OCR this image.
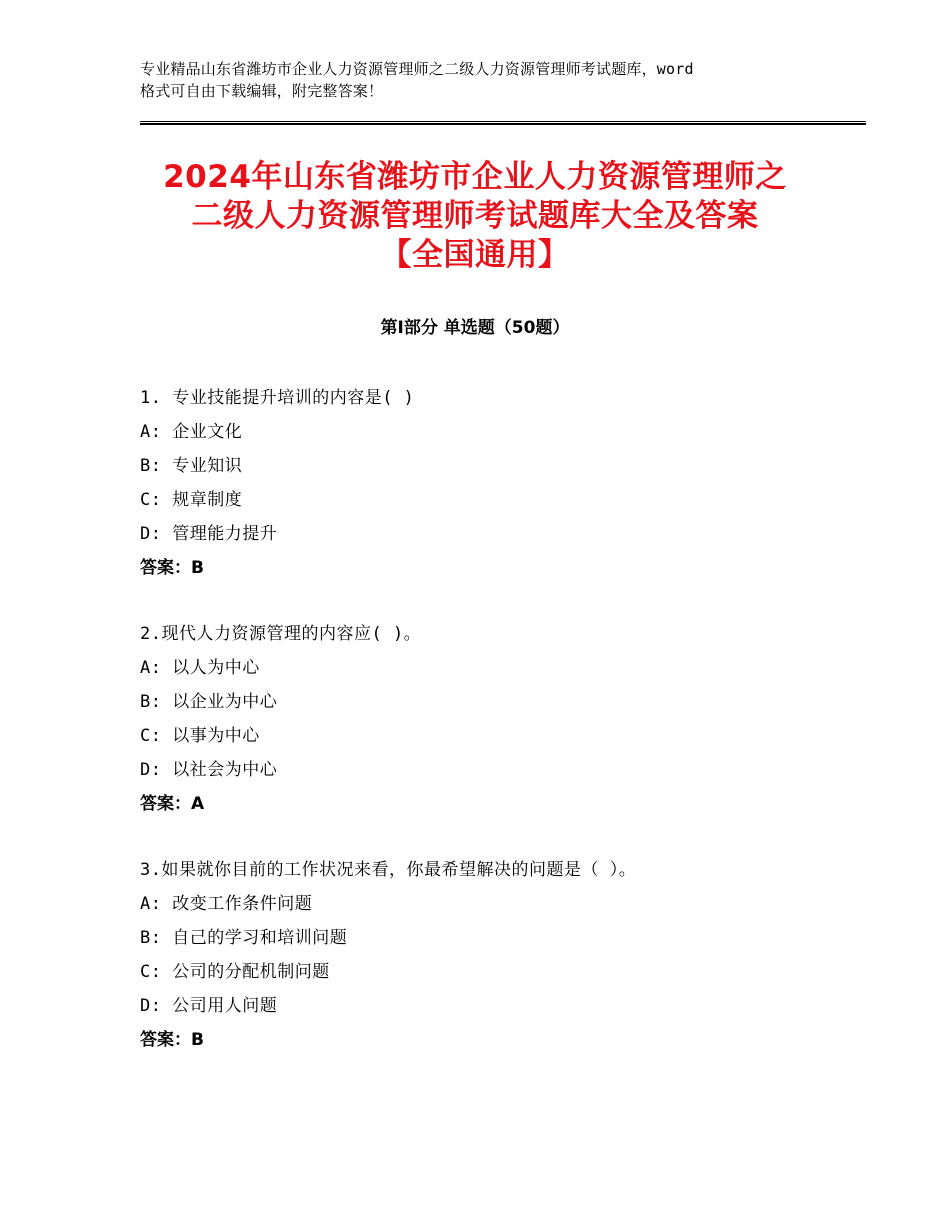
专业精品山东省潍坊市企业人力资源管理师之二级人力资源管理师考试题库，word
格式可自由下载编辑，附完整答案！
2024年山东省潍坊市企业人力资源管理师之
二级人力资源管理师考试题库大全及答案
【全国通用】
第Ⅰ部分 单选题（50题）
1. 专业技能提升培训的内容是( )
A: 企业文化
B: 专业知识
C: 规章制度
D: 管理能力提升
答案：B
2.现代人力资源管理的内容应( )。
A: 以人为中心
B: 以企业为中心
C: 以事为中心
D: 以社会为中心
答案：A
3.如果就你目前的工作状况来看，你最希望解决的问题是（ ）。
A: 改变工作条件问题
B: 自己的学习和培训问题
C: 公司的分配机制问题
D: 公司用人问题
答案：B
